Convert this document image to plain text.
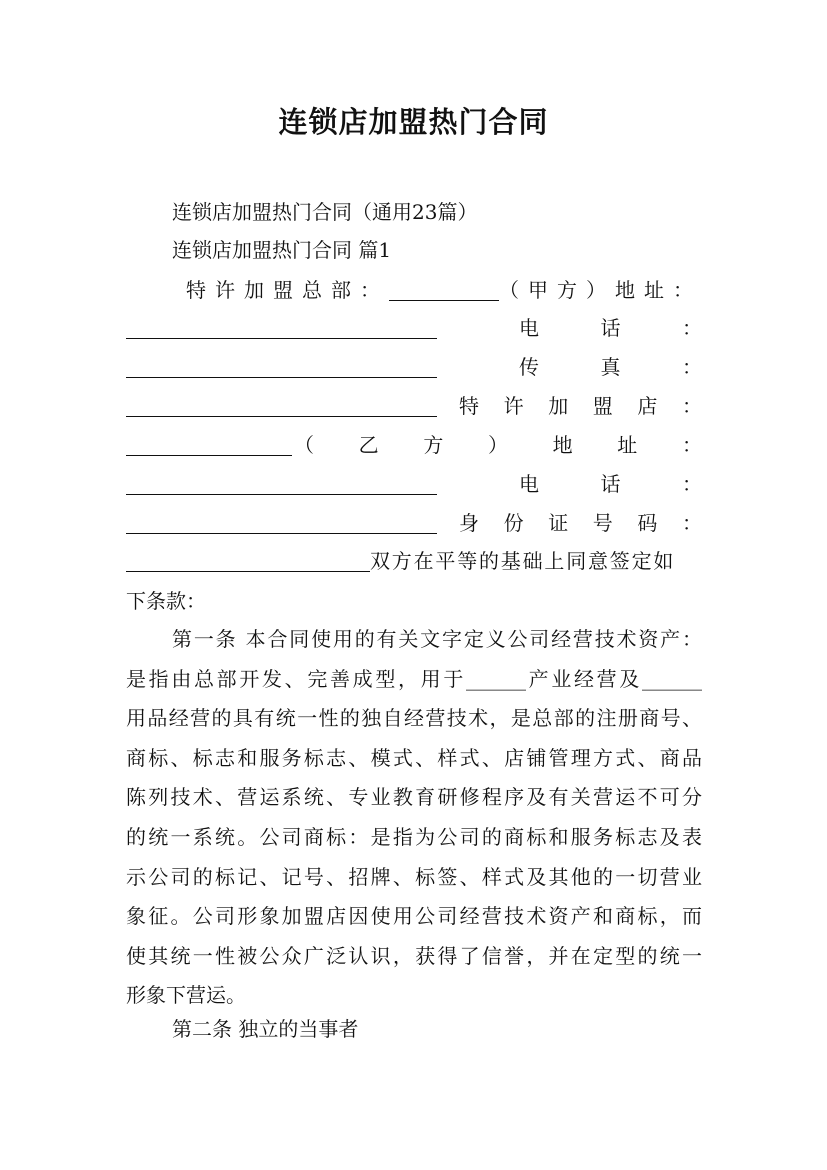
连锁店加盟热门合同
连锁店加盟热门合同（通用23篇）
连锁店加盟热门合同 篇1
特许加盟总部：	（甲方）地址：
电	话	：
传	真	：
特 许 加 盟 店 ：
（ 乙 方 ） 地 址 ：
电	话	：
身 份 证 号 码 ：
双方在平等的基础上同意签定如
下条款：
第一条 本合同使用的有关文字定义公司经营技术资产：
是指由总部开发、完善成型，用于______产业经营及______
用品经营的具有统一性的独自经营技术，是总部的注册商号、
商标、标志和服务标志、模式、样式、店铺管理方式、商品
陈列技术、营运系统、专业教育研修程序及有关营运不可分
的统一系统。公司商标：是指为公司的商标和服务标志及表
示公司的标记、记号、招牌、标签、样式及其他的一切营业
象征。公司形象加盟店因使用公司经营技术资产和商标，而
使其统一性被公众广泛认识，获得了信誉，并在定型的统一
形象下营运。
第二条 独立的当事者
